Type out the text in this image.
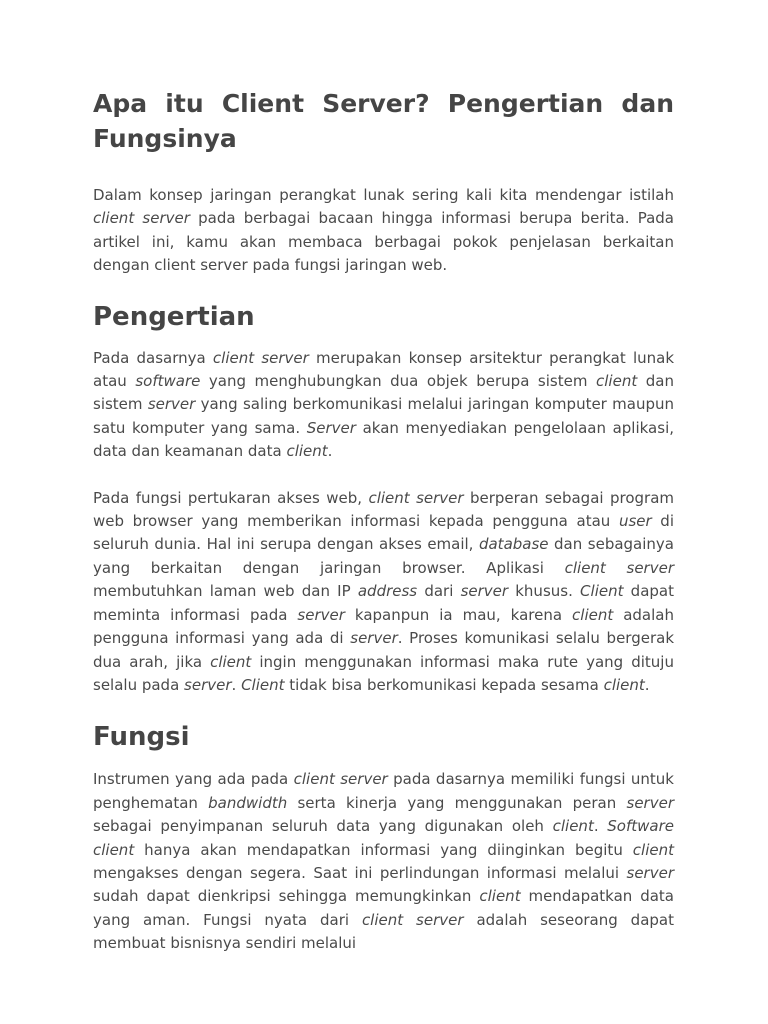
Apa itu Client Server? Pengertian dan Fungsinya

Dalam konsep jaringan perangkat lunak sering kali kita mendengar istilah client server pada berbagai bacaan hingga informasi berupa berita. Pada artikel ini, kamu akan membaca berbagai pokok penjelasan berkaitan dengan client server pada fungsi jaringan web.

Pengertian

Pada dasarnya client server merupakan konsep arsitektur perangkat lunak atau software yang menghubungkan dua objek berupa sistem client dan sistem server yang saling berkomunikasi melalui jaringan komputer maupun satu komputer yang sama. Server akan menyediakan pengelolaan aplikasi, data dan keamanan data client.

Pada fungsi pertukaran akses web, client server berperan sebagai program web browser yang memberikan informasi kepada pengguna atau user di seluruh dunia. Hal ini serupa dengan akses email, database dan sebagainya yang berkaitan dengan jaringan browser. Aplikasi client server membutuhkan laman web dan IP address dari server khusus. Client dapat meminta informasi pada server kapanpun ia mau, karena client adalah pengguna informasi yang ada di server. Proses komunikasi selalu bergerak dua arah, jika client ingin menggunakan informasi maka rute yang dituju selalu pada server. Client tidak bisa berkomunikasi kepada sesama client.

Fungsi

Instrumen yang ada pada client server pada dasarnya memiliki fungsi untuk penghematan bandwidth serta kinerja yang menggunakan peran server sebagai penyimpanan seluruh data yang digunakan oleh client. Software client hanya akan mendapatkan informasi yang diinginkan begitu client mengakses dengan segera. Saat ini perlindungan informasi melalui server sudah dapat dienkripsi sehingga memungkinkan client mendapatkan data yang aman. Fungsi nyata dari client server adalah seseorang dapat membuat bisnisnya sendiri melalui
